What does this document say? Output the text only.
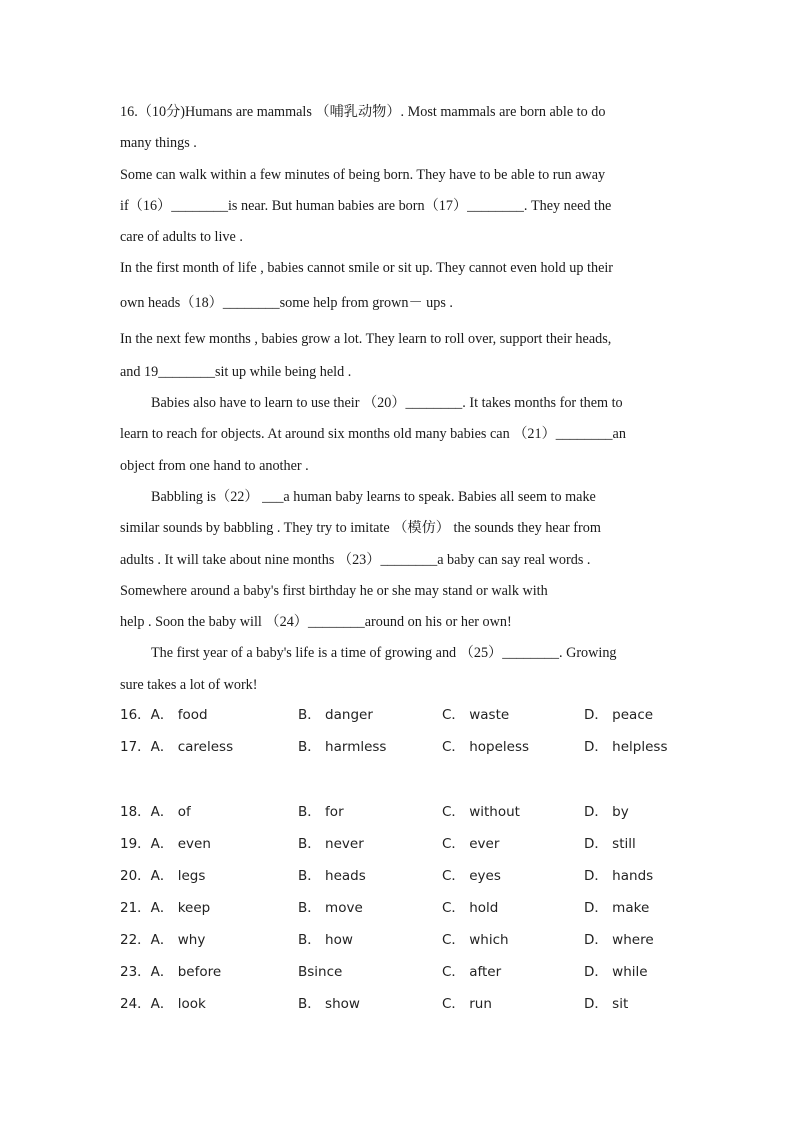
16.（10分)Humans are mammals （哺乳动物）. Most mammals are born able to do
many things .
Some can walk within a few minutes of being born. They have to be able to run away
if（16）________is near. But human babies are born（17）________. They need the
care of adults to live .
In the first month of life , babies cannot smile or sit up. They cannot even hold up their
own heads（18）________some help from grown－ ups .
In the next few months , babies grow a lot. They learn to roll over, support their heads,
and 19________sit up while being held .
Babies also have to learn to use their （20）________. It takes months for them to
learn to reach for objects. At around six months old many babies can （21）________an
object from one hand to another .
Babbling is（22） ___a human baby learns to speak. Babies all seem to make
similar sounds by babbling . They try to imitate （模仿） the sounds they hear from
adults . It will take about nine months （23）________a baby can say real words .
Somewhere around a baby's first birthday he or she may stand or walk with
help . Soon the baby will （24）________around on his or her own!
The first year of a baby's life is a time of growing and （25）________. Growing
sure takes a lot of work!
16．A． food	B． danger	C． waste	D． peace
17．A． careless	B． harmless	C． hopeless	D． helpless
18．A． of	B． for	C． without	D． by
19．A． even	B． never	C． ever	D． still
20．A． legs	B． heads	C． eyes	D． hands
21．A． keep	B． move	C． hold	D． make
22．A． why	B． how	C． which	D． where
23．A． before	Bsince	C． after	D． while
24．A． look	B． show	C． run	D． sit
